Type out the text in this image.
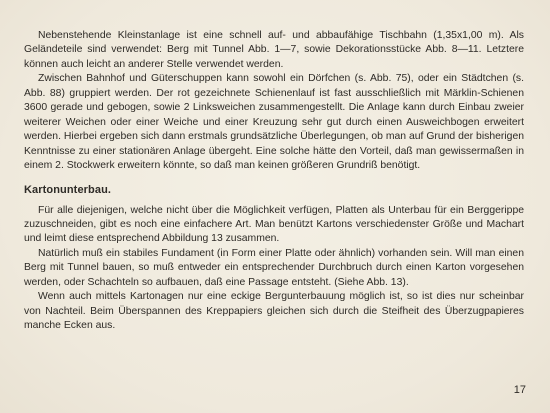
Nebenstehende Kleinstanlage ist eine schnell auf- und abbaufähige Tischbahn (1,35x1,00 m). Als Geländeteile sind verwendet: Berg mit Tunnel Abb. 1—7, sowie Dekorationsstücke Abb. 8—11. Letztere können auch leicht an anderer Stelle verwendet werden.

Zwischen Bahnhof und Güterschuppen kann sowohl ein Dörfchen (s. Abb. 75), oder ein Städtchen (s. Abb. 88) gruppiert werden. Der rot gezeichnete Schienenlauf ist fast ausschließlich mit Märklin-Schienen 3600 gerade und gebogen, sowie 2 Linksweichen zusammengestellt. Die Anlage kann durch Einbau zweier weiterer Weichen oder einer Weiche und einer Kreuzung sehr gut durch einen Ausweichbogen erweitert werden. Hierbei ergeben sich dann erstmals grundsätzliche Überlegungen, ob man auf Grund der bisherigen Kenntnisse zu einer stationären Anlage übergeht. Eine solche hätte den Vorteil, daß man gewissermaßen in einem 2. Stockwerk erweitern könnte, so daß man keinen größeren Grundriß benötigt.

Kartonunterbau.

Für alle diejenigen, welche nicht über die Möglichkeit verfügen, Platten als Unterbau für ein Berggerippe zuzuschneiden, gibt es noch eine einfachere Art. Man benützt Kartons verschiedenster Größe und Machart und leimt diese entsprechend Abbildung 13 zusammen.

Natürlich muß ein stabiles Fundament (in Form einer Platte oder ähnlich) vorhanden sein. Will man einen Berg mit Tunnel bauen, so muß entweder ein entsprechender Durchbruch durch einen Karton vorgesehen werden, oder Schachteln so aufbauen, daß eine Passage entsteht. (Siehe Abb. 13).

Wenn auch mittels Kartonagen nur eine eckige Bergunterbauung möglich ist, so ist dies nur scheinbar von Nachteil. Beim Überspannen des Kreppapiers gleichen sich durch die Steifheit des Überzugpapieres manche Ecken aus.

17
